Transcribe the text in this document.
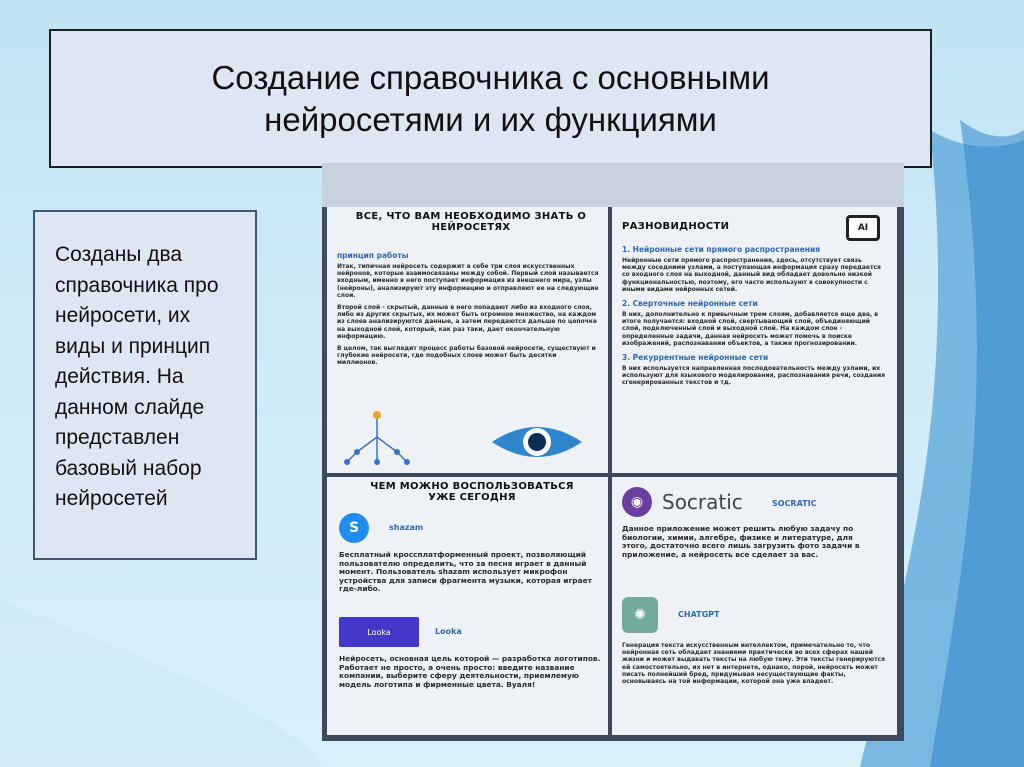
Создание справочника с основными
нейросетями и их функциями

Созданы два справочника про нейросети, их виды и принцип действия. На данном слайде представлен базовый набор нейросетей

ВСЕ, ЧТО ВАМ НЕОБХОДИМО ЗНАТЬ О НЕЙРОСЕТЯХ
принцип работы
Итак, типичная нейросеть содержит в себе три слоя искусственных нейронов, которые взаимосвязаны между собой. Первый слой называется входным, именно в него поступает информация из внешнего мира, узлы (нейроны), анализируют эту информацию и отправляют ее на следующие слои.
Второй слой - скрытый, данные в него попадают либо из входного слоя, либо из других скрытых, их может быть огромное множество, на каждом из слоев анализируются данные, а затем передаются дальше по цепочке на выходной слой, который, как раз таки, дает окончательную информацию.
В целом, так выглядит процесс работы базовой нейросети, существуют и глубокие нейросети, где подобных слоев может быть десятки миллионов.
РАЗНОВИДНОСТИ	AI
1. Нейронные сети прямого распространения
Нейронные сети прямого распространения, здесь, отсутствует связь между соседними узлами, а поступающая информация сразу передается со входного слоя на выходной, данный вид обладает довольно низкой функциональностью, поэтому, его часто используют в совокупности с иными видами нейронных сетей.
2. Сверточные нейронные сети
В них, дополнительно к привычным трем слоям, добавляется еще два, в итоге получается: входной слой, свертывающий слой, объединяющий слой, подключенный слой и выходной слой. На каждом слое - определенные задачи, данная нейросеть может помочь в поиске изображений, распознавании объектов, а также прогнозировании.
3. Рекуррентные нейронные сети
В них используется направленная последовательность между узлами, их используют для языкового моделирования, распознавания речи, создания сгенерированных текстов и тд.
ЧЕМ МОЖНО ВОСПОЛЬЗОВАТЬСЯ УЖЕ СЕГОДНЯ
S	shazam
Бесплатный кроссплатформенный проект, позволяющий пользователю определить, что за песня играет в данный момент. Пользователь shazam использует микрофон устройства для записи фрагмента музыки, которая играет где-либо.
Looka	Looka
Нейросеть, основная цель которой — разработка логотипов. Работает не просто, а очень просто: введите название компании, выберите сферу деятельности, приемлемую модель логотипа и фирменные цвета. Вуаля!
◉ Socratic	SOCRATIC
Данное приложение может решить любую задачу по биологии, химии, алгебре, физике и литературе, для этого, достаточно всего лишь загрузить фото задачи в приложение, а нейросеть все сделает за вас.
✺	CHATGPT
Генерация текста искусственным интеллектом, примечательно то, что нейронная сеть обладает знаниями практически во всех сферах нашей жизни и может выдавать тексты на любую тему. Эти тексты генерируются ей самостоятельно, их нет в интернете, однако, порой, нейросеть может писать полнейший бред, придумывая несуществующие факты, основываясь на той информации, которой она уже владеет.
